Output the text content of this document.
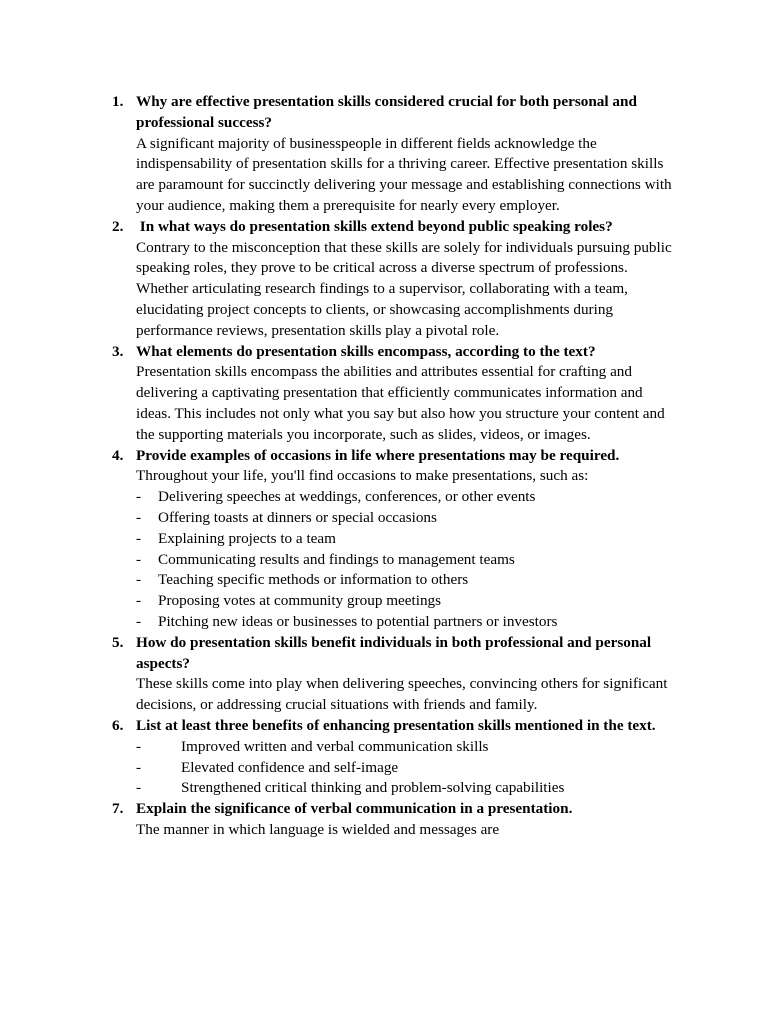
1. Why are effective presentation skills considered crucial for both personal and professional success?
A significant majority of businesspeople in different fields acknowledge the indispensability of presentation skills for a thriving career. Effective presentation skills are paramount for succinctly delivering your message and establishing connections with your audience, making them a prerequisite for nearly every employer.
2. In what ways do presentation skills extend beyond public speaking roles?
Contrary to the misconception that these skills are solely for individuals pursuing public speaking roles, they prove to be critical across a diverse spectrum of professions. Whether articulating research findings to a supervisor, collaborating with a team, elucidating project concepts to clients, or showcasing accomplishments during performance reviews, presentation skills play a pivotal role.
3. What elements do presentation skills encompass, according to the text?
Presentation skills encompass the abilities and attributes essential for crafting and delivering a captivating presentation that efficiently communicates information and ideas. This includes not only what you say but also how you structure your content and the supporting materials you incorporate, such as slides, videos, or images.
4. Provide examples of occasions in life where presentations may be required.
Throughout your life, you'll find occasions to make presentations, such as:
- Delivering speeches at weddings, conferences, or other events
- Offering toasts at dinners or special occasions
- Explaining projects to a team
- Communicating results and findings to management teams
- Teaching specific methods or information to others
- Proposing votes at community group meetings
- Pitching new ideas or businesses to potential partners or investors
5. How do presentation skills benefit individuals in both professional and personal aspects?
These skills come into play when delivering speeches, convincing others for significant decisions, or addressing crucial situations with friends and family.
6. List at least three benefits of enhancing presentation skills mentioned in the text.
-	Improved written and verbal communication skills
-	Elevated confidence and self-image
-	Strengthened critical thinking and problem-solving capabilities
7. Explain the significance of verbal communication in a presentation.
The manner in which language is wielded and messages are
